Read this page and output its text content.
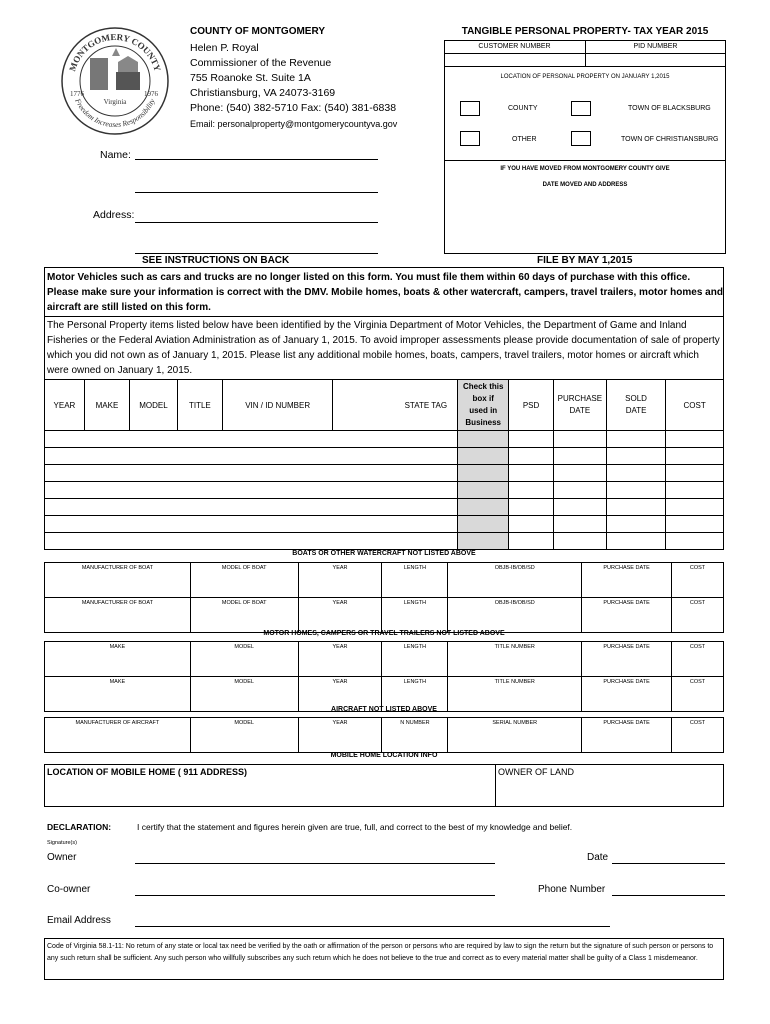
MONTGOMERY COUNTY
Freedom Increases Responsibility
1776	1976
Virginia
COUNTY OF MONTGOMERY
Helen P. Royal
Commissioner of the Revenue
755 Roanoke St. Suite 1A
Christiansburg, VA 24073-3169
Phone: (540) 382-5710 Fax: (540) 381-6838
Email: personalproperty@montgomerycountyva.gov
TANGIBLE PERSONAL PROPERTY- TAX YEAR 2015
CUSTOMER NUMBER	PID NUMBER
LOCATION OF PERSONAL PROPERTY ON JANUARY 1,2015
COUNTY	TOWN OF BLACKSBURG
OTHER	TOWN OF CHRISTIANSBURG
IF YOU HAVE MOVED FROM MONTGOMERY COUNTY GIVE
DATE MOVED AND ADDRESS
Name:
Address:
SEE INSTRUCTIONS ON BACK	FILE BY MAY 1,2015
Motor Vehicles such as cars and trucks are no longer listed on this form. You must file them within 60 days of purchase with this office. Please make sure your information is correct with the DMV. Mobile homes, boats & other watercraft, campers, travel trailers, motor homes and aircraft are still listed on this form.
The Personal Property items listed below have been identified by the Virginia Department of Motor Vehicles, the Department of Game and Inland Fisheries or the Federal Aviation Administration as of January 1, 2015. To avoid improper assessments please provide documentation of sale of property which you did not own as of January 1, 2015. Please list any additional mobile homes, boats, campers, travel trailers, motor homes or aircraft which were owned on January 1, 2015.
YEAR	MAKE	MODEL	TITLE	VIN / ID NUMBER	STATE TAG	Check this box if used in Business	PSD	PURCHASE DATE	SOLD DATE	COST

BOATS OR OTHER WATERCRAFT NOT LISTED ABOVE
MANUFACTURER OF BOAT	MODEL OF BOAT	YEAR	LENGTH	OBJB-IB/OB/SD	PURCHASE DATE	COST
MANUFACTURER OF BOAT	MODEL OF BOAT	YEAR	LENGTH	OBJB-IB/OB/SD	PURCHASE DATE	COST
MOTOR HOMES, CAMPERS OR TRAVEL TRAILERS NOT LISTED ABOVE
MAKE	MODEL	YEAR	LENGTH	TITLE NUMBER	PURCHASE DATE	COST
MAKE	MODEL	YEAR	LENGTH	TITLE NUMBER	PURCHASE DATE	COST
AIRCRAFT NOT LISTED ABOVE
MANUFACTURER OF AIRCRAFT	MODEL	YEAR	N NUMBER	SERIAL NUMBER	PURCHASE DATE	COST
MOBILE HOME LOCATION INFO
LOCATION OF MOBILE HOME ( 911 ADDRESS)	OWNER OF LAND
DECLARATION:	I certify that the statement and figures herein given are true, full, and correct to the best of my knowledge and belief.
Signature(s)
Owner	Date
Co-owner	Phone Number
Email Address
Code of Virginia 58.1-11: No return of any state or local tax need be verified by the oath or affirmation of the person or persons who are required by law to sign the return but the signature of such person or persons to any such return shall be sufficient. Any such person who willfully subscribes any such return which he does not believe to the true and correct as to every material matter shall be guilty of a Class 1 misdemeanor.
